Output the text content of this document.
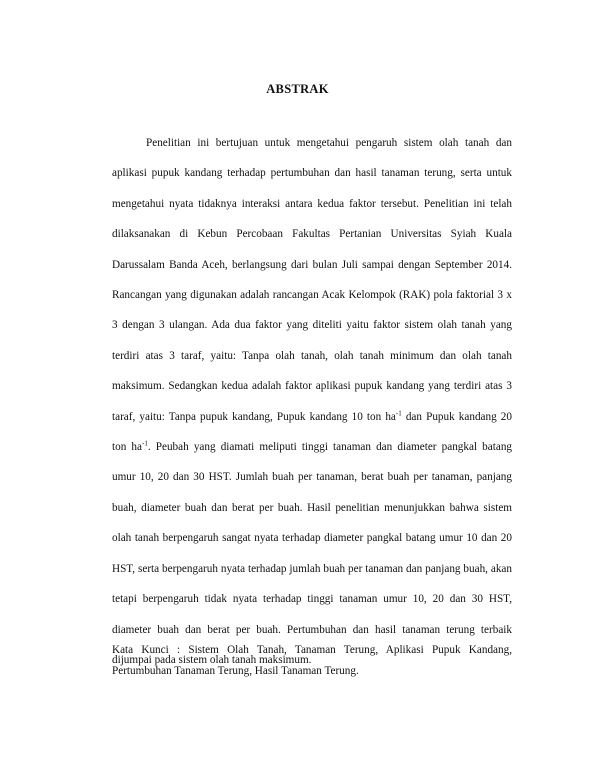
ABSTRAK

Penelitian ini bertujuan untuk mengetahui pengaruh sistem olah tanah dan aplikasi pupuk kandang terhadap pertumbuhan dan hasil tanaman terung, serta untuk mengetahui nyata tidaknya interaksi antara kedua faktor tersebut. Penelitian ini telah dilaksanakan di Kebun Percobaan Fakultas Pertanian Universitas Syiah Kuala Darussalam Banda Aceh, berlangsung dari bulan Juli sampai dengan September 2014. Rancangan yang digunakan adalah rancangan Acak Kelompok (RAK) pola faktorial 3 x 3 dengan 3 ulangan. Ada dua faktor yang diteliti yaitu faktor sistem olah tanah yang terdiri atas 3 taraf, yaitu: Tanpa olah tanah, olah tanah minimum dan olah tanah maksimum. Sedangkan kedua adalah faktor aplikasi pupuk kandang yang terdiri atas 3 taraf, yaitu: Tanpa pupuk kandang, Pupuk kandang 10 ton $ha^{-1}$ dan Pupuk kandang 20 ton $ha^{-1}$. Peubah yang diamati meliputi tinggi tanaman dan diameter pangkal batang umur 10, 20 dan 30 HST. Jumlah buah per tanaman, berat buah per tanaman, panjang buah, diameter buah dan berat per buah. Hasil penelitian menunjukkan bahwa sistem olah tanah berpengaruh sangat nyata terhadap diameter pangkal batang umur 10 dan 20 HST, serta berpengaruh nyata terhadap jumlah buah per tanaman dan panjang buah, akan tetapi berpengaruh tidak nyata terhadap tinggi tanaman umur 10, 20 dan 30 HST, diameter buah dan berat per buah. Pertumbuhan dan hasil tanaman terung terbaik dijumpai pada sistem olah tanah maksimum.

Kata Kunci : Sistem Olah Tanah, Tanaman Terung, Aplikasi Pupuk Kandang, Pertumbuhan Tanaman Terung, Hasil Tanaman Terung.
